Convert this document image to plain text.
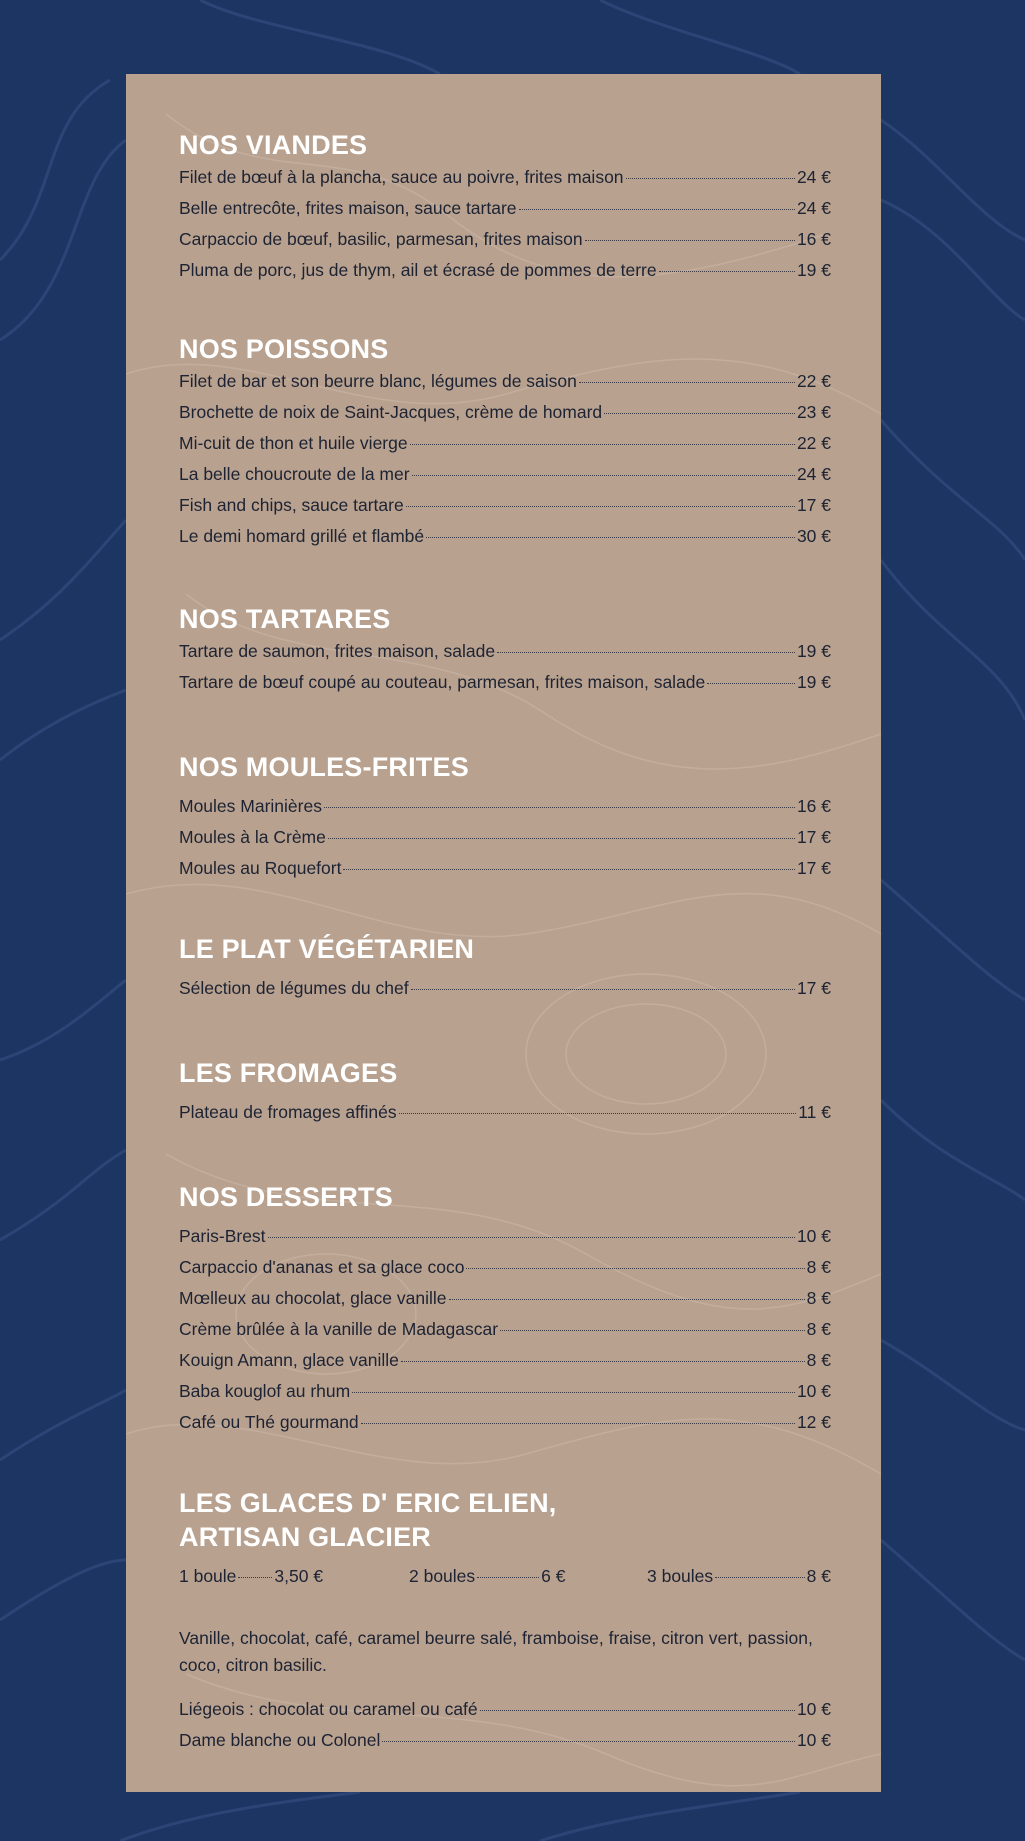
NOS VIANDES
Filet de bœuf à la plancha, sauce au poivre, frites maison	24 €
Belle entrecôte, frites maison, sauce tartare	24 €
Carpaccio de bœuf, basilic, parmesan, frites maison	16 €
Pluma de porc, jus de thym, ail et écrasé de pommes de terre	19 €
NOS POISSONS
Filet de bar et son beurre blanc, légumes de saison	22 €
Brochette de noix de Saint-Jacques, crème de homard	23 €
Mi-cuit de thon et huile vierge	22 €
La belle choucroute de la mer	24 €
Fish and chips, sauce tartare	17 €
Le demi homard grillé et flambé	30 €
NOS TARTARES
Tartare de saumon, frites maison, salade	19 €
Tartare de bœuf coupé au couteau, parmesan, frites maison, salade	19 €
NOS MOULES-FRITES
Moules Marinières	16 €
Moules à la Crème	17 €
Moules au Roquefort	17 €
LE PLAT VÉGÉTARIEN
Sélection de légumes du chef	17 €
LES FROMAGES
Plateau de fromages affinés	11 €
NOS DESSERTS
Paris-Brest	10 €
Carpaccio d'ananas et sa glace coco	8 €
Mœlleux au chocolat, glace vanille	8 €
Crème brûlée à la vanille de Madagascar	8 €
Kouign Amann, glace vanille	8 €
Baba kouglof au rhum	10 €
Café ou Thé gourmand	12 €
LES GLACES D' ERIC ELIEN,
ARTISAN GLACIER
1 boule 3,50 €	2 boules	6 €	3 boules	8 €

Vanille, chocolat, café, caramel beurre salé, framboise, fraise, citron vert, passion, coco, citron basilic.

Liégeois : chocolat ou caramel ou café	10 €
Dame blanche ou Colonel	10 €
